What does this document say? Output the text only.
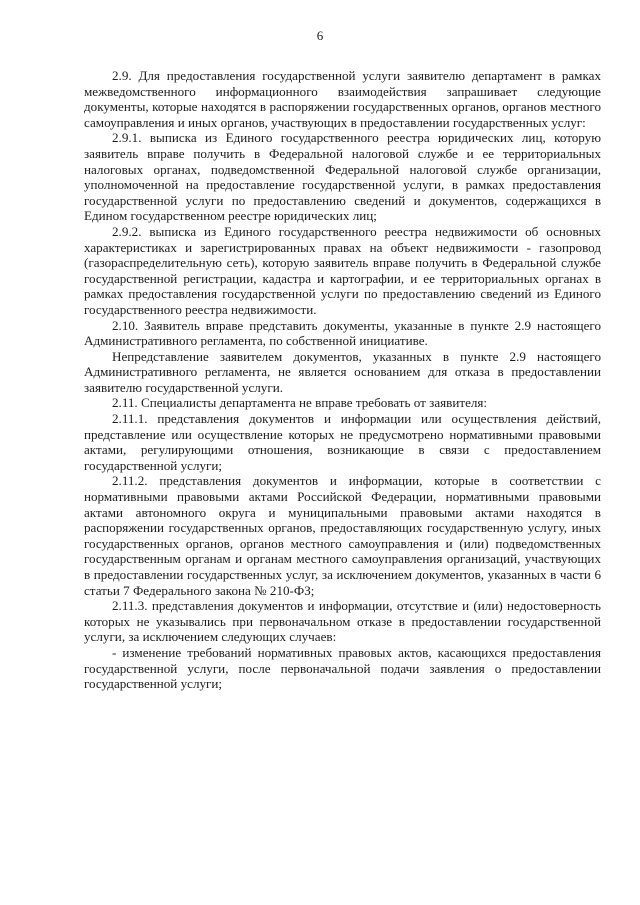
6

2.9. Для предоставления государственной услуги заявителю департамент в рамках межведомственного информационного взаимодействия запрашивает следующие документы, которые находятся в распоряжении государственных органов, органов местного самоуправления и иных органов, участвующих в предоставлении государственных услуг:

2.9.1. выписка из Единого государственного реестра юридических лиц, которую заявитель вправе получить в Федеральной налоговой службе и ее территориальных налоговых органах, подведомственной Федеральной налоговой службе организации, уполномоченной на предоставление государственной услуги, в рамках предоставления государственной услуги по предоставлению сведений и документов, содержащихся в Едином государственном реестре юридических лиц;

2.9.2. выписка из Единого государственного реестра недвижимости об основных характеристиках и зарегистрированных правах на объект недвижимости - газопровод (газораспределительную сеть), которую заявитель вправе получить в Федеральной службе государственной регистрации, кадастра и картографии, и ее территориальных органах в рамках предоставления государственной услуги по предоставлению сведений из Единого государственного реестра недвижимости.

2.10. Заявитель вправе представить документы, указанные в пункте 2.9 настоящего Административного регламента, по собственной инициативе.

Непредставление заявителем документов, указанных в пункте 2.9 настоящего Административного регламента, не является основанием для отказа в предоставлении заявителю государственной услуги.

2.11. Специалисты департамента не вправе требовать от заявителя:

2.11.1. представления документов и информации или осуществления действий, представление или осуществление которых не предусмотрено нормативными правовыми актами, регулирующими отношения, возникающие в связи с предоставлением государственной услуги;

2.11.2. представления документов и информации, которые в соответствии с нормативными правовыми актами Российской Федерации, нормативными правовыми актами автономного округа и муниципальными правовыми актами находятся в распоряжении государственных органов, предоставляющих государственную услугу, иных государственных органов, органов местного самоуправления и (или) подведомственных государственным органам и органам местного самоуправления организаций, участвующих в предоставлении государственных услуг, за исключением документов, указанных в части 6 статьи 7 Федерального закона № 210-ФЗ;

2.11.3. представления документов и информации, отсутствие и (или) недостоверность которых не указывались при первоначальном отказе в предоставлении государственной услуги, за исключением следующих случаев:

- изменение требований нормативных правовых актов, касающихся предоставления государственной услуги, после первоначальной подачи заявления о предоставлении государственной услуги;
